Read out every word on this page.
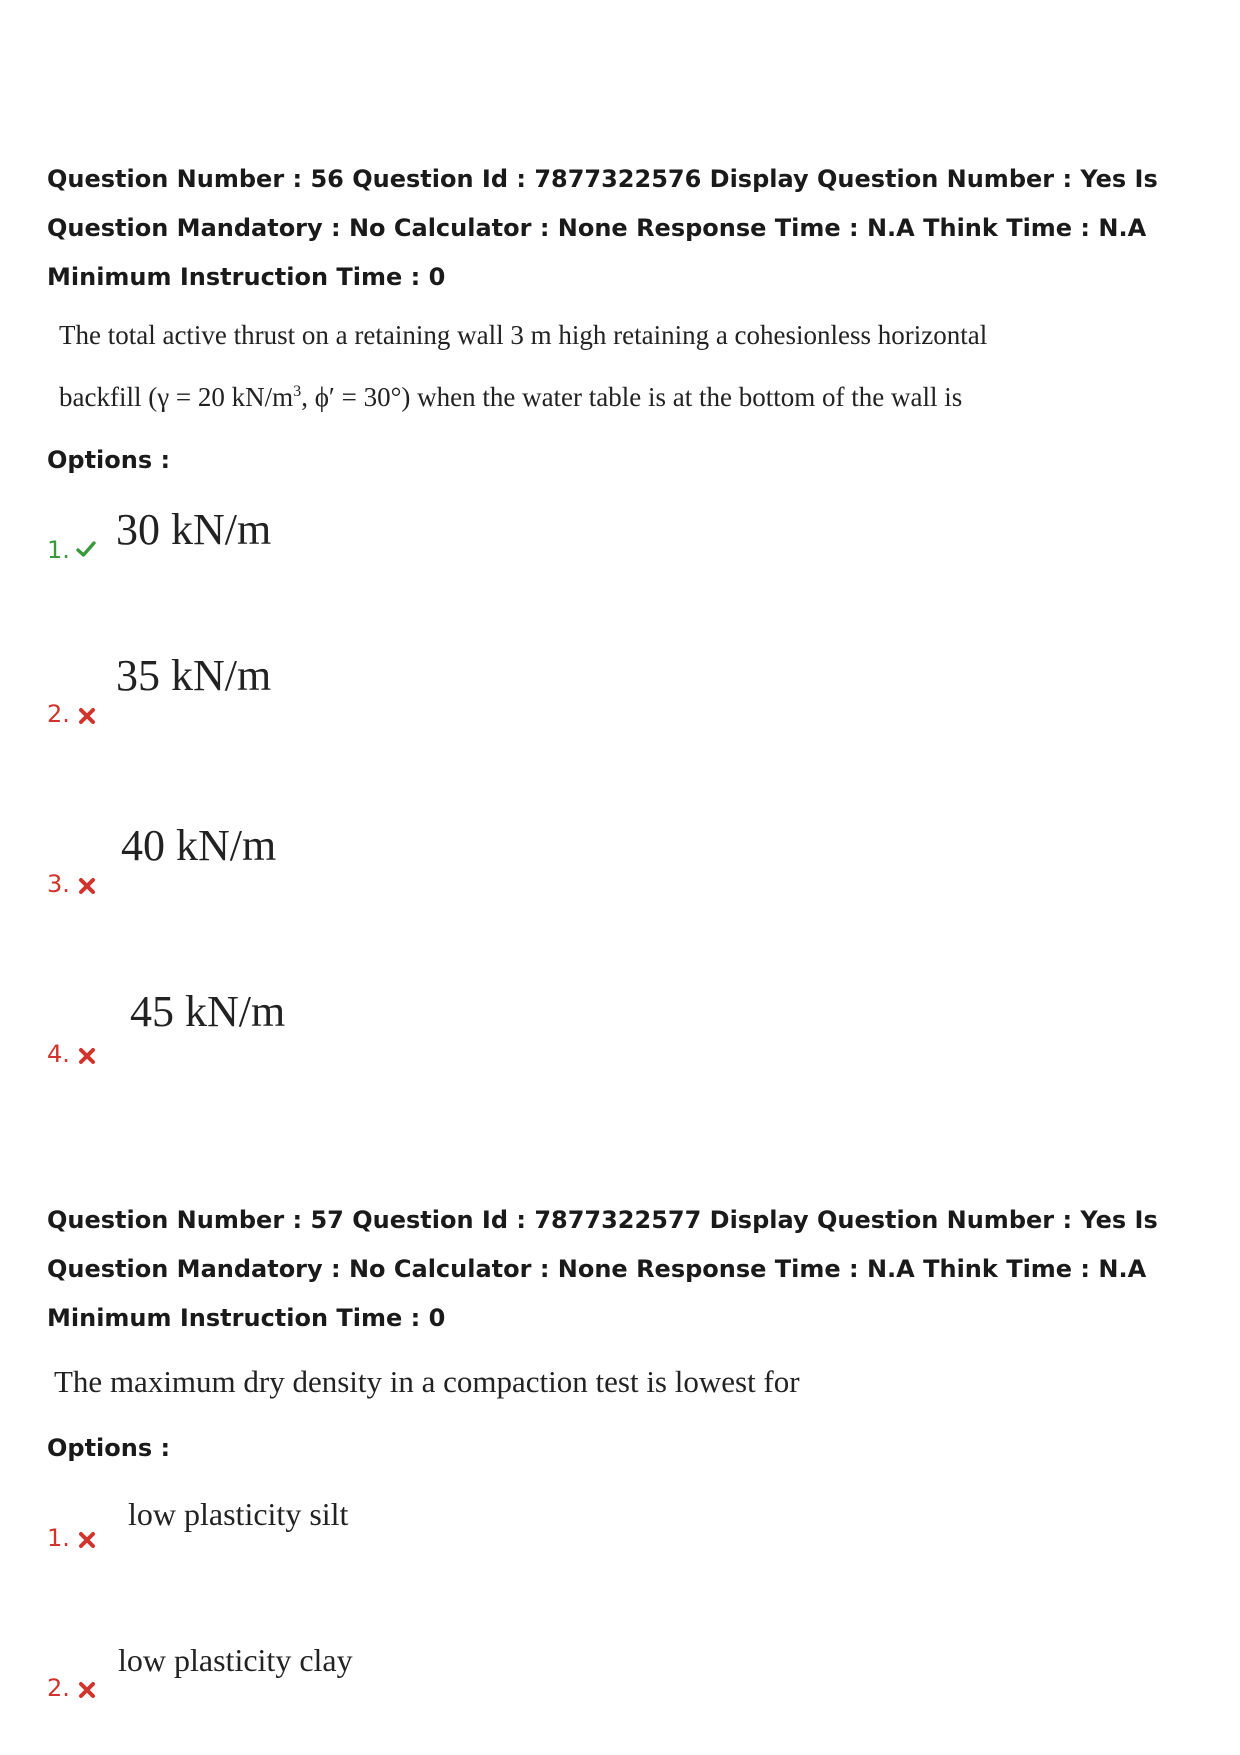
Question Number : 56 Question Id : 7877322576 Display Question Number : Yes Is Question Mandatory : No Calculator : None Response Time : N.A Think Time : N.A Minimum Instruction Time : 0

The total active thrust on a retaining wall 3 m high retaining a cohesionless horizontal
backfill (γ = 20 $kN/m^3$, ϕ′ = 30°) when the water table is at the bottom of the wall is
Options :
1. 30 kN/m
2.
35 kN/m
3.
40 kN/m
4.
45 kN/m

Question Number : 57 Question Id : 7877322577 Display Question Number : Yes Is Question Mandatory : No Calculator : None Response Time : N.A Think Time : N.A Minimum Instruction Time : 0

The maximum dry density in a compaction test is lowest for
Options :
1.
low plasticity silt
2.
low plasticity clay
